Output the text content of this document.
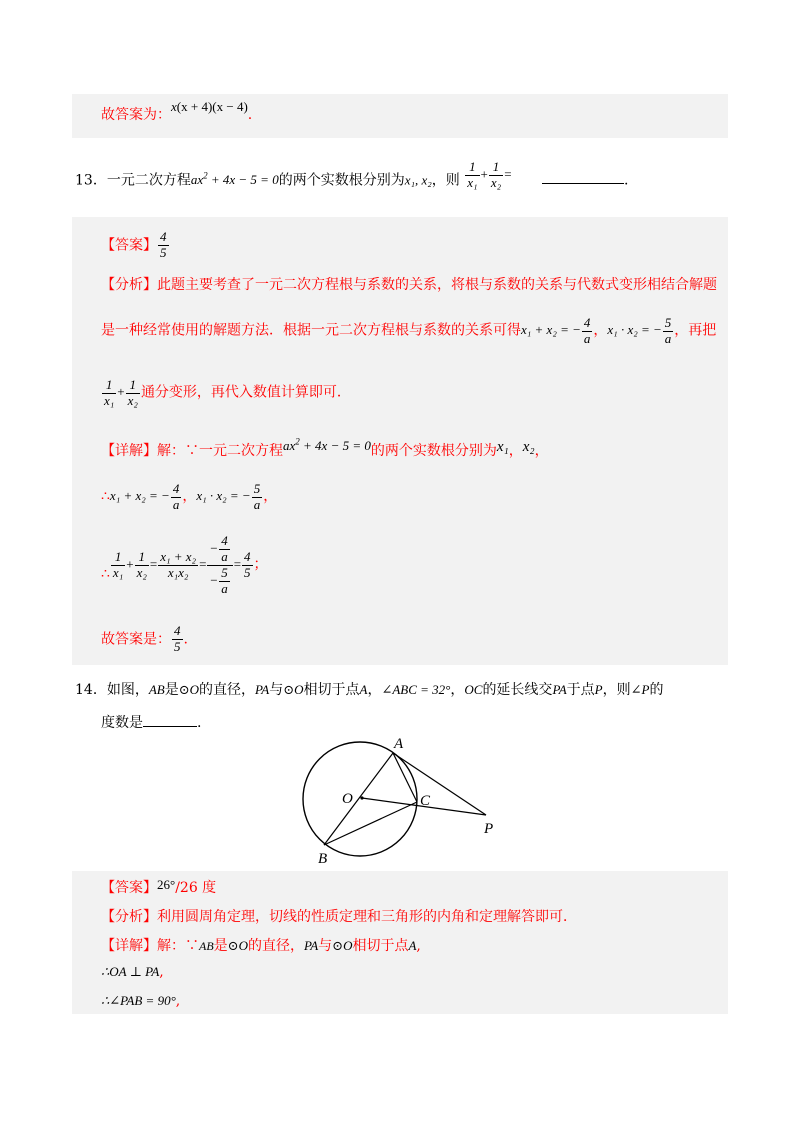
故答案为：x(x + 4)(x − 4).
13．一元二次方程$ax^2 + 4x - 5 = 0$的两个实数根分别为x₁, x₂，则 $\frac{1}{\text{x₁}} + \frac{1}{\text{x₂}}$ =	.
【答案】 $\frac{4}{5}$
【分析】此题主要考查了一元二次方程根与系数的关系，将根与系数的关系与代数式变形相结合解题
是一种经常使用的解题方法．根据一元二次方程根与系数的关系可得x₁ + x₂ = − $\frac{4}{a}$ ，x₁ · x₂ = − $\frac{5}{a}$ ，再把
$\frac{1}{\text{x₁}} + \frac{1}{\text{x₂}}$ 通分变形，再代入数值计算即可．
【详解】解：∵一元二次方程$ax^2 + 4x - 5 = 0$的两个实数根分别为x₁，x₂，
∴x₁ + x₂ = − $\frac{4}{a}$ ，x₁ · x₂ = − $\frac{5}{a}$ ，
∴ $\frac{1}{\text{x₁}} + \frac{1}{\text{x₂}} = \frac{\text{x₁ + x₂}}{\text{x₁x₂}} = \frac{- \frac{4}{a}}{- \frac{5}{a}} = \frac{4}{5}$ ；
故答案是： $\frac{4}{5}$ .
14．如图，AB是⊙O的直径，PA与⊙O相切于点A，∠ABC = 32°，OC的延长线交PA于点P，则∠P的
度数是	.
A
O	C
P
B
【答案】26°/26 度
【分析】利用圆周角定理，切线的性质定理和三角形的内角和定理解答即可．
【详解】解：∵AB是⊙O的直径，PA与⊙O相切于点A,
∴OA ⊥ PA,
∴∠PAB = 90°,
